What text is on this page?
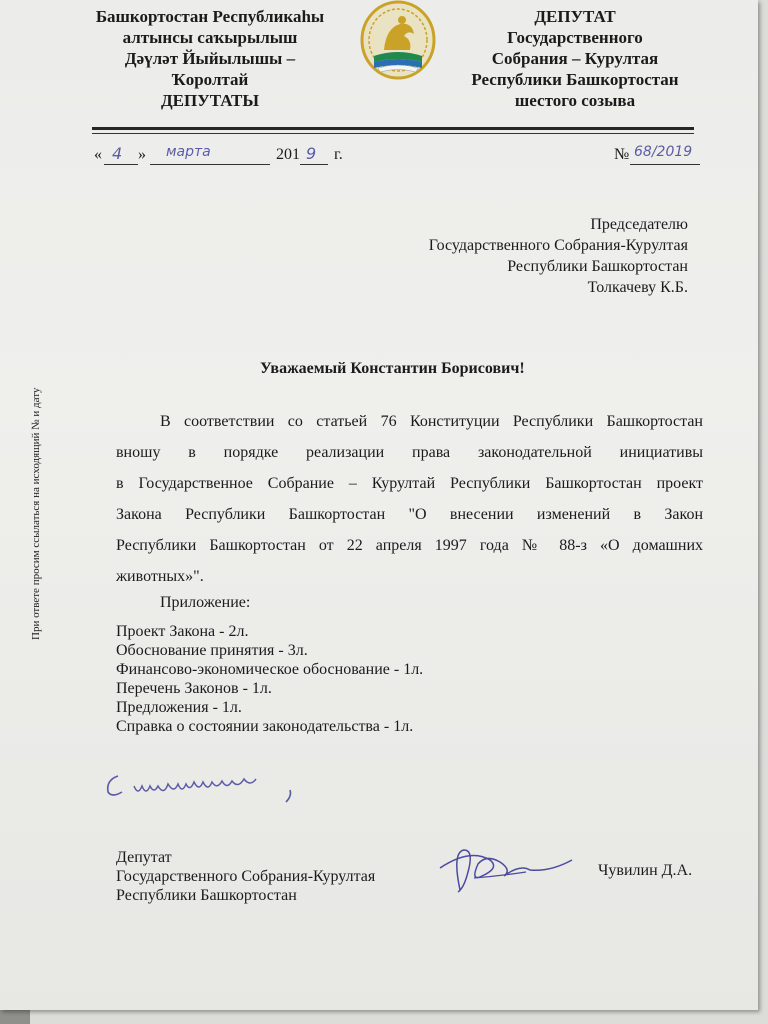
Башкортостан Республикаһы
алтынсы саҡырылыш
Дәүләт Йыйылышы –
Ҡоролтай
ДЕПУТАТЫ
ДЕПУТАТ
Государственного
Собрания – Курултая
Республики Башкортостан
шестого созыва
« 4 » марта	201 9 г.	№ 68/2019
Председателю
Государственного Собрания-Курултая
Республики Башкортостан
Толкачеву К.Б.
Уважаемый Константин Борисович!
В соответствии со статьей 76 Конституции Республики Башкортостан
вношу в порядке реализации права законодательной инициативы
в Государственное Собрание – Курултай Республики Башкортостан проект
Закона Республики Башкортостан "О внесении изменений в Закон
Республики Башкортостан от 22 апреля 1997 года № 88-з «О домашних
животных»".
Приложение:
Проект Закона - 2л.
Обоснование принятия - 3л.
Финансово-экономическое обоснование - 1л.
Перечень Законов - 1л.
Предложения - 1л.
Справка о состоянии законодательства - 1л.
Депутат
Государственного Собрания-Курултая
Республики Башкортостан
Чувилин Д.А.
При ответе просим ссылаться на исходящий № и дату
